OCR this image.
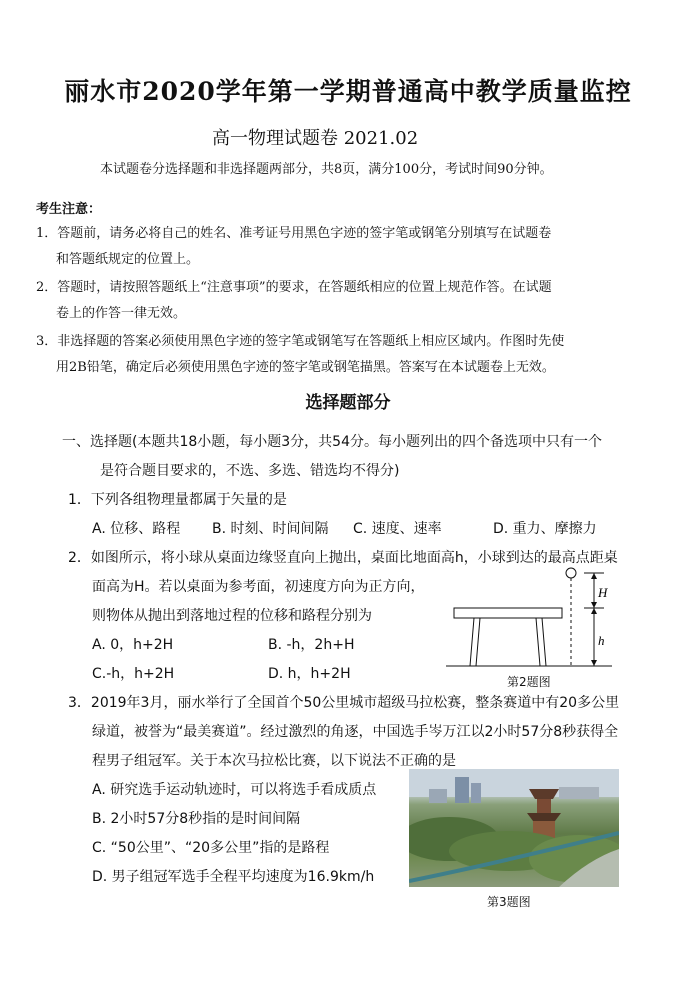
丽水市2020学年第一学期普通高中教学质量监控
高一物理试题卷 2021.02
本试题卷分选择题和非选择题两部分，共8页，满分100分，考试时间90分钟。
考生注意：
1．答题前，请务必将自己的姓名、准考证号用黑色字迹的签字笔或钢笔分别填写在试题卷
和答题纸规定的位置上。
2．答题时，请按照答题纸上“注意事项”的要求，在答题纸相应的位置上规范作答。在试题
卷上的作答一律无效。
3．非选择题的答案必须使用黑色字迹的签字笔或钢笔写在答题纸上相应区域内。作图时先使
用2B铅笔，确定后必须使用黑色字迹的签字笔或钢笔描黑。答案写在本试题卷上无效。
选择题部分
一、选择题(本题共18小题，每小题3分，共54分。每小题列出的四个备选项中只有一个
是符合题目要求的，不选、多选、错选均不得分)
1．下列各组物理量都属于矢量的是
A. 位移、路程 B. 时刻、时间间隔 C. 速度、速率	D. 重力、摩擦力
2．如图所示，将小球从桌面边缘竖直向上抛出，桌面比地面高h，小球到达的最高点距桌
面高为H。若以桌面为参考面，初速度方向为正方向，
则物体从抛出到落地过程的位移和路程分别为
A. 0，h+2H	B. -h，2h+H
C.-h，h+2H	D. h，h+2H
H
h
第2题图
3．2019年3月，丽水举行了全国首个50公里城市超级马拉松赛，整条赛道中有20多公里
绿道，被誉为“最美赛道”。经过激烈的角逐，中国选手岑万江以2小时57分8秒获得全
程男子组冠军。关于本次马拉松比赛，以下说法不正确的是
A. 研究选手运动轨迹时，可以将选手看成质点
B. 2小时57分8秒指的是时间间隔
C. “50公里”、“20多公里”指的是路程
D. 男子组冠军选手全程平均速度为16.9km/h
第3题图
